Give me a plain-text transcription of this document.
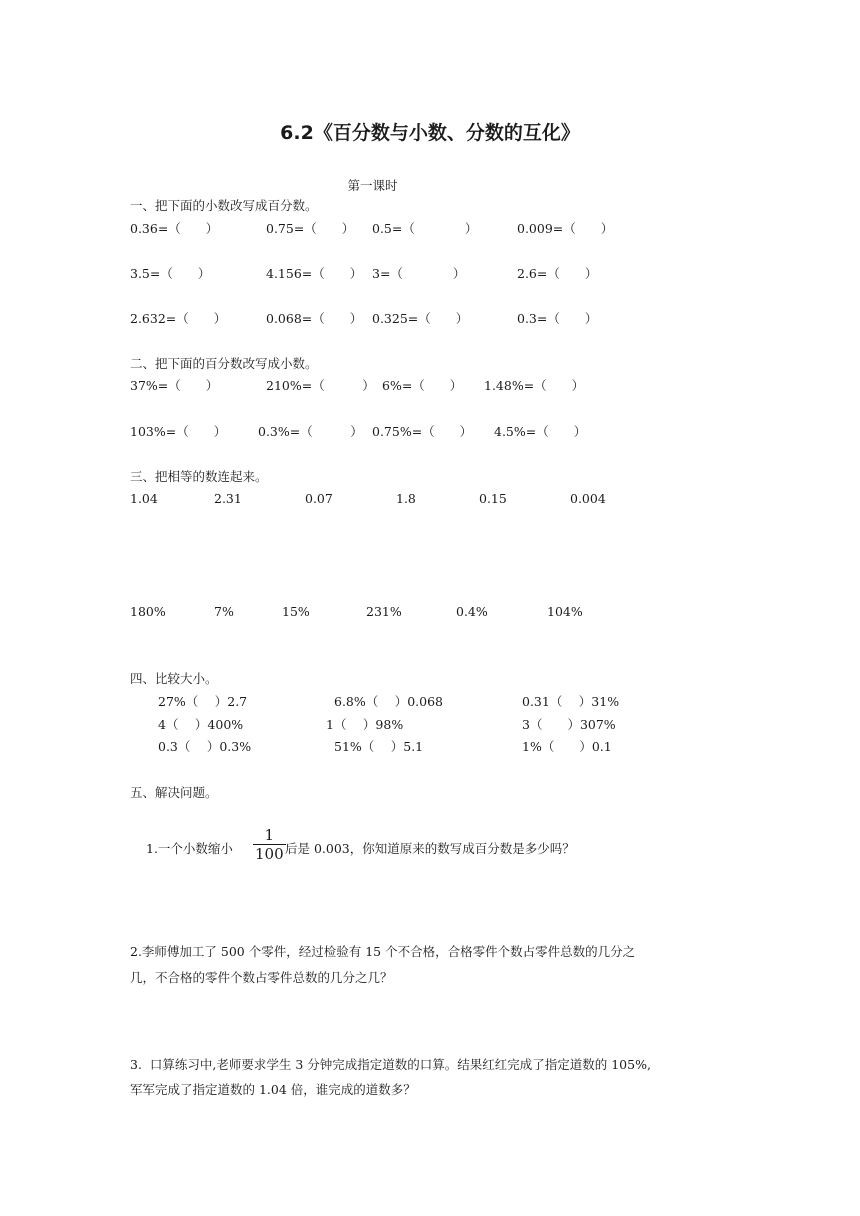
6.2《百分数与小数、分数的互化》
第一课时
一、把下面的小数改写成百分数。
0.36=（　　）	0.75=（　　） 0.5=（　　　　）	0.009=（　　）
3.5=（　　）	4.156=（　　） 3=（　　　　）	2.6=（　　）
2.632=（　　）	0.068=（　　） 0.325=（　　）	0.3=（　　）
二、把下面的百分数改写成小数。
37%=（　　）	210%=（　　　） 6%=（　　） 1.48%=（　　）
103%=（　　）	0.3%=（　　　） 0.75%=（　　） 4.5%=（　　）
三、把相等的数连起来。
1.04	2.31	0.07	1.8	0.15	0.004
180%	7%	15%	231%	0.4%	104%
四、比较大小。
27%（　 ）2.7	6.8%（　 ）0.068	0.31（　 ）31%
4（　 ）400%	1（　 ）98%	3（　　）307%
0.3（　 ）0.3%	51%（　 ）5.1	1%（　　）0.1
五、解决问题。
1.一个小数缩小 $\frac{1}{100}$ 后是 0.003，你知道原来的数写成百分数是多少吗？
2.李师傅加工了 500 个零件，经过检验有 15 个不合格，合格零件个数占零件总数的几分之
几，不合格的零件个数占零件总数的几分之几？
3.  口算练习中,老师要求学生 3 分钟完成指定道数的口算。结果红红完成了指定道数的 105%,
军军完成了指定道数的 1.04 倍，谁完成的道数多？
